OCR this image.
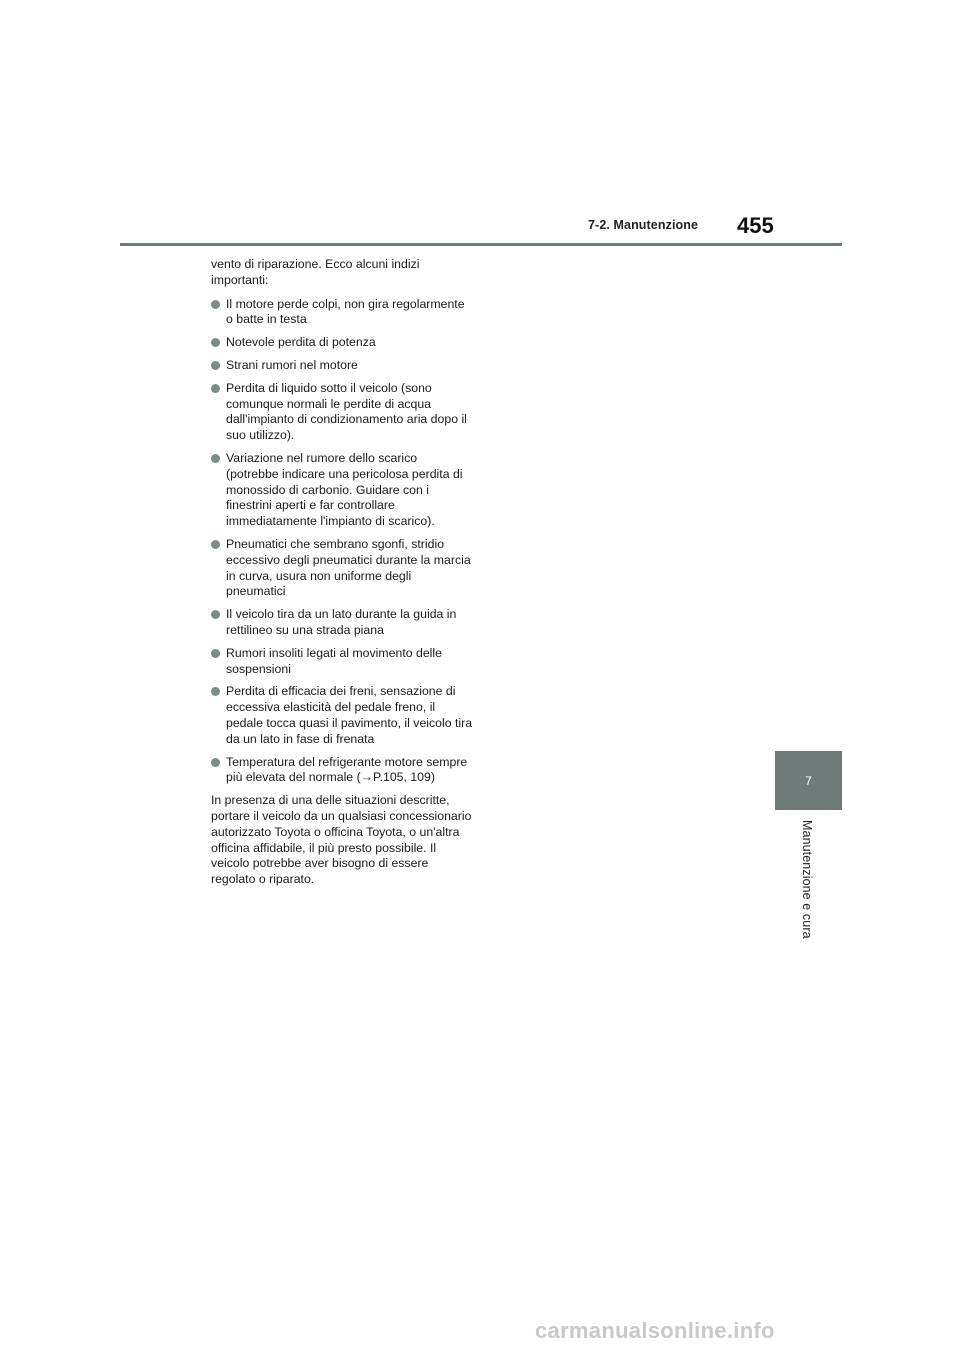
7-2. Manutenzione 455
7
Manutenzione e cura

vento di riparazione. Ecco alcuni indizi importanti:

Il motore perde colpi, non gira regolarmente o batte in testa
Notevole perdita di potenza
Strani rumori nel motore
Perdita di liquido sotto il veicolo (sono comunque normali le perdite di acqua dall'impianto di condizionamento aria dopo il suo utilizzo).
Variazione nel rumore dello scarico (potrebbe indicare una pericolosa perdita di monossido di carbonio. Guidare con i finestrini aperti e far controllare immediatamente l'impianto di scarico).
Pneumatici che sembrano sgonfi, stridio eccessivo degli pneumatici durante la marcia in curva, usura non uniforme degli pneumatici
Il veicolo tira da un lato durante la guida in rettilineo su una strada piana
Rumori insoliti legati al movimento delle sospensioni
Perdita di efficacia dei freni, sensazione di eccessiva elasticità del pedale freno, il pedale tocca quasi il pavimento, il veicolo tira da un lato in fase di frenata
Temperatura del refrigerante motore sempre più elevata del normale (→P.105, 109)

In presenza di una delle situazioni descritte, portare il veicolo da un qualsiasi concessionario autorizzato Toyota o officina Toyota, o un'altra officina affidabile, il più presto possibile. Il veicolo potrebbe aver bisogno di essere regolato o riparato.

carmanualsonline.info
